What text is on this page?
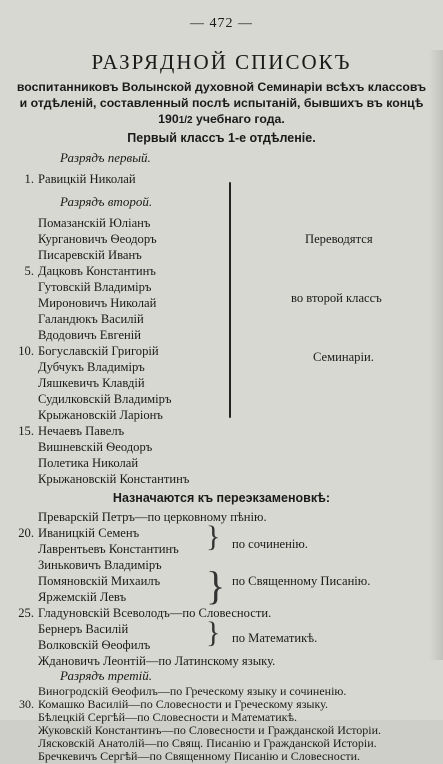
— 472 —
РАЗРЯДНОЙ СПИСОКЪ
воспитанниковъ Волынской духовной Семинаріи всѣхъ классовъ
и отдѣленій, составленный послѣ испытаній, бывшихъ въ концѣ
1901/2 учебнаго года.
Первый классъ 1-е отдѣленіе.
Разрядъ первый.
1. Равицкій Николай
Разрядъ второй.
Помазанскій Юліанъ
Кургановичъ Ѳеодоръ
Писаревскій Иванъ
5. Дацковъ Константинъ
Гутовскій Владиміръ
Мироновичъ Николай
Галандюкъ Василій
Вдодовичъ Евгеній
10. Богуславскій Григорій
Дубчукъ Владиміръ
Ляшкевичъ Клавдій
Судилковскій Владиміръ
Крыжановскій Ларіонъ
15. Нечаевъ Павелъ
Вишневскій Ѳеодоръ
Полетика Николай
Крыжановскій Константинъ
Переводятся
во второй классъ
Семинаріи.
Назначаются къ переэкзаменовкѣ:
Преварскій Петръ—по церковному пѣнію.
20. Иваницкій Семенъ
Лаврентьевъ Константинъ } по сочиненію.
Зиньковичъ Владиміръ
Помяновскій Михаилъ
Яржемскій Левъ } по Священному Писанію.
25. Гладуновскій Всеволодъ—по Словесности.
Бернеръ Василій
Волковскій Ѳеофилъ } по Математикѣ.
Ждановичъ Леонтій—по Латинскому языку.
Разрядъ третій.
Виногродскій Ѳеофилъ—по Греческому языку и сочиненію.
30. Комашко Василій—по Словесности и Греческому языку.
Бѣлецкій Сергѣй—по Словесности и Математикѣ.
Жуковскій Константинъ—по Словесности и Гражданской Исторіи.
Лясковскій Анатолій—по Свящ. Писанію и Гражданской Исторіи.
Бречкевичъ Сергѣй—по Священному Писанію и Словесности.
